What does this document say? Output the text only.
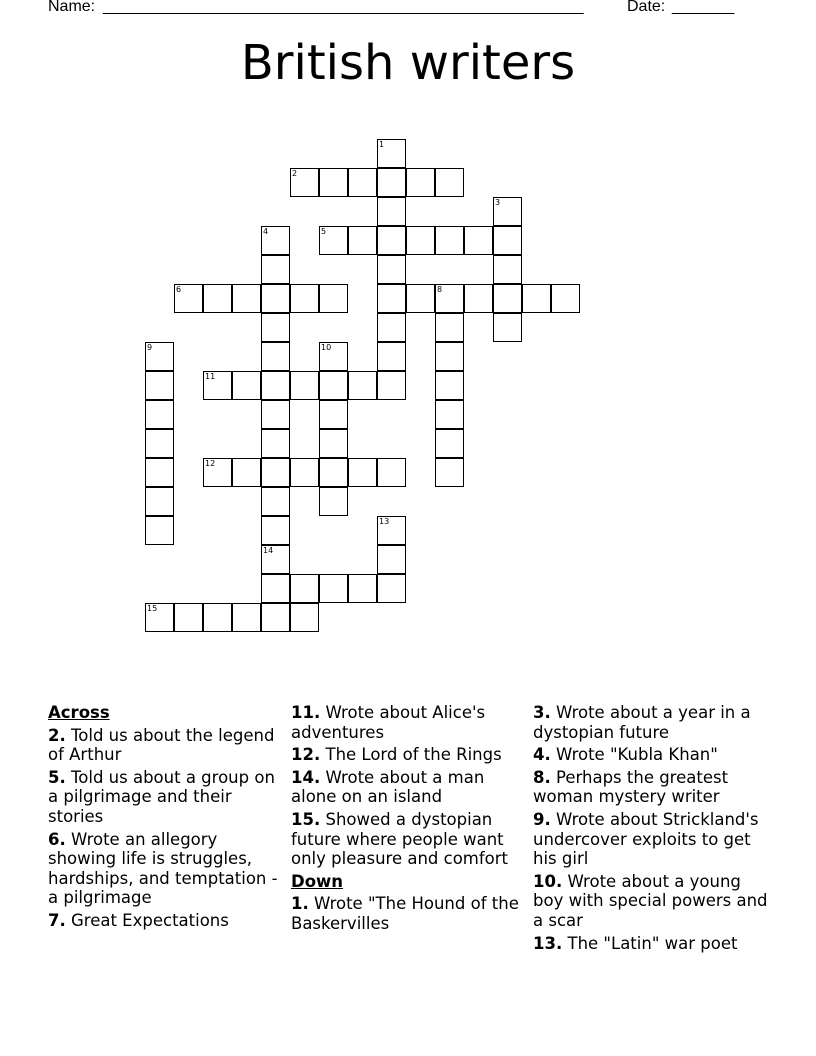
Name: ______________________________________________________	Date: _______
British writers
1
2
3
4
14
5
6	8
9	10
11
12
13
15
Across
2. Told us about the legend of Arthur
5. Told us about a group on a pilgrimage and their stories
6. Wrote an allegory showing life is struggles, hardships, and temptation - a pilgrimage
7. Great Expectations
11. Wrote about Alice's adventures
12. The Lord of the Rings
14. Wrote about a man alone on an island
15. Showed a dystopian future where people want only pleasure and comfort
Down
1. Wrote "The Hound of the Baskervilles
3. Wrote about a year in a dystopian future
4. Wrote "Kubla Khan"
8. Perhaps the greatest woman mystery writer
9. Wrote about Strickland's undercover exploits to get his girl
10. Wrote about a young boy with special powers and a scar
13. The "Latin" war poet
